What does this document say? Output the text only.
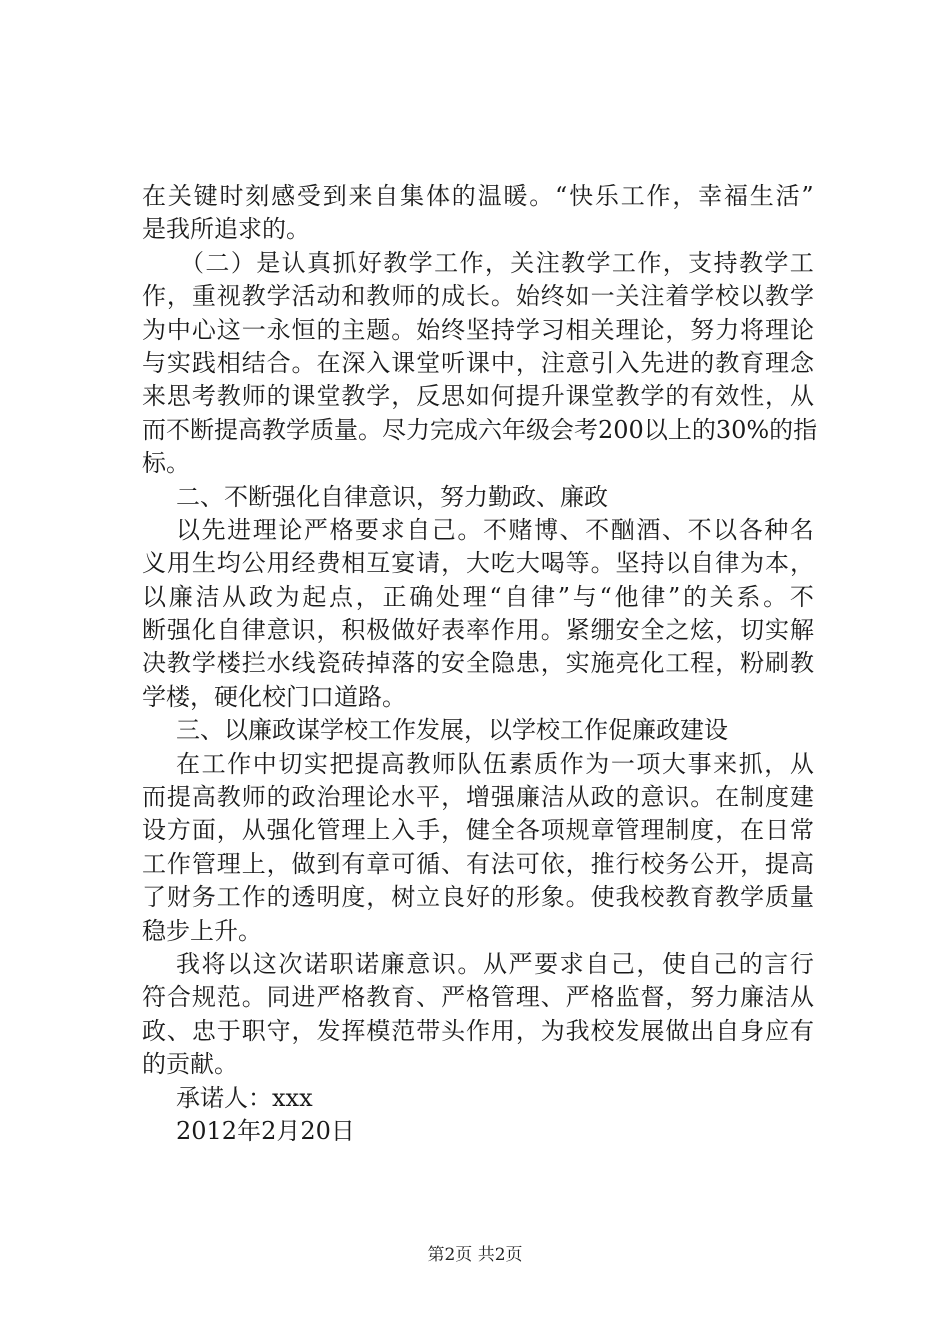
在 关 键 时 刻 感 受 到 来 自 集 体 的 温 暖 。 “ 快 乐 工 作 ， 幸 福 生 活 ”
是我所追求的。
（ 二 ） 是 认 真 抓 好 教 学 工 作 ， 关 注 教 学 工 作 ， 支 持 教 学 工
作 ， 重 视 教 学 活 动 和 教 师 的 成 长 。 始 终 如 一 关 注 着 学 校 以 教 学
为 中 心 这 一 永 恒 的 主 题 。 始 终 坚 持 学 习 相 关 理 论 ， 努 力 将 理 论
与 实 践 相 结 合 。 在 深 入 课 堂 听 课 中 ， 注 意 引 入 先 进 的 教 育 理 念
来 思 考 教 师 的 课 堂 教 学 ， 反 思 如 何 提 升 课 堂 教 学 的 有 效 性 ， 从
而 不 断 提 高 教 学 质 量 。 尽 力 完 成 六 年 级 会 考 200 以 上 的 30% 的 指
标。
二、不断强化自律意识，努力勤政、廉政
以 先 进 理 论 严 格 要 求 自 己 。 不 赌 博 、 不 酗 酒 、 不 以 各 种 名
义 用 生 均 公 用 经 费 相 互 宴 请 ， 大 吃 大 喝 等 。 坚 持 以 自 律 为 本 ，
以 廉 洁 从 政 为 起 点 ， 正 确 处 理 “ 自 律 ” 与 “ 他 律 ” 的 关 系 。 不
断 强 化 自 律 意 识 ， 积 极 做 好 表 率 作 用 。 紧 绷 安 全 之 炫 ， 切 实 解
决 教 学 楼 拦 水 线 瓷 砖 掉 落 的 安 全 隐 患 ， 实 施 亮 化 工 程 ， 粉 刷 教
学楼，硬化校门口道路。
三、以廉政谋学校工作发展，以学校工作促廉政建设
在 工 作 中 切 实 把 提 高 教 师 队 伍 素 质 作 为 一 项 大 事 来 抓 ， 从
而 提 高 教 师 的 政 治 理 论 水 平 ， 增 强 廉 洁 从 政 的 意 识 。 在 制 度 建
设 方 面 ， 从 强 化 管 理 上 入 手 ， 健 全 各 项 规 章 管 理 制 度 ， 在 日 常
工 作 管 理 上 ， 做 到 有 章 可 循 、 有 法 可 依 ， 推 行 校 务 公 开 ， 提 高
了 财 务 工 作 的 透 明 度 ， 树 立 良 好 的 形 象 。 使 我 校 教 育 教 学 质 量
稳步上升。
我 将 以 这 次 诺 职 诺 廉 意 识 。 从 严 要 求 自 己 ， 使 自 己 的 言 行
符 合 规 范 。 同 进 严 格 教 育 、 严 格 管 理 、 严 格 监 督 ， 努 力 廉 洁 从
政 、 忠 于 职 守 ， 发 挥 模 范 带 头 作 用 ， 为 我 校 发 展 做 出 自 身 应 有
的贡献。
承诺人：xxx
2012年2月20日
第2页 共2页
